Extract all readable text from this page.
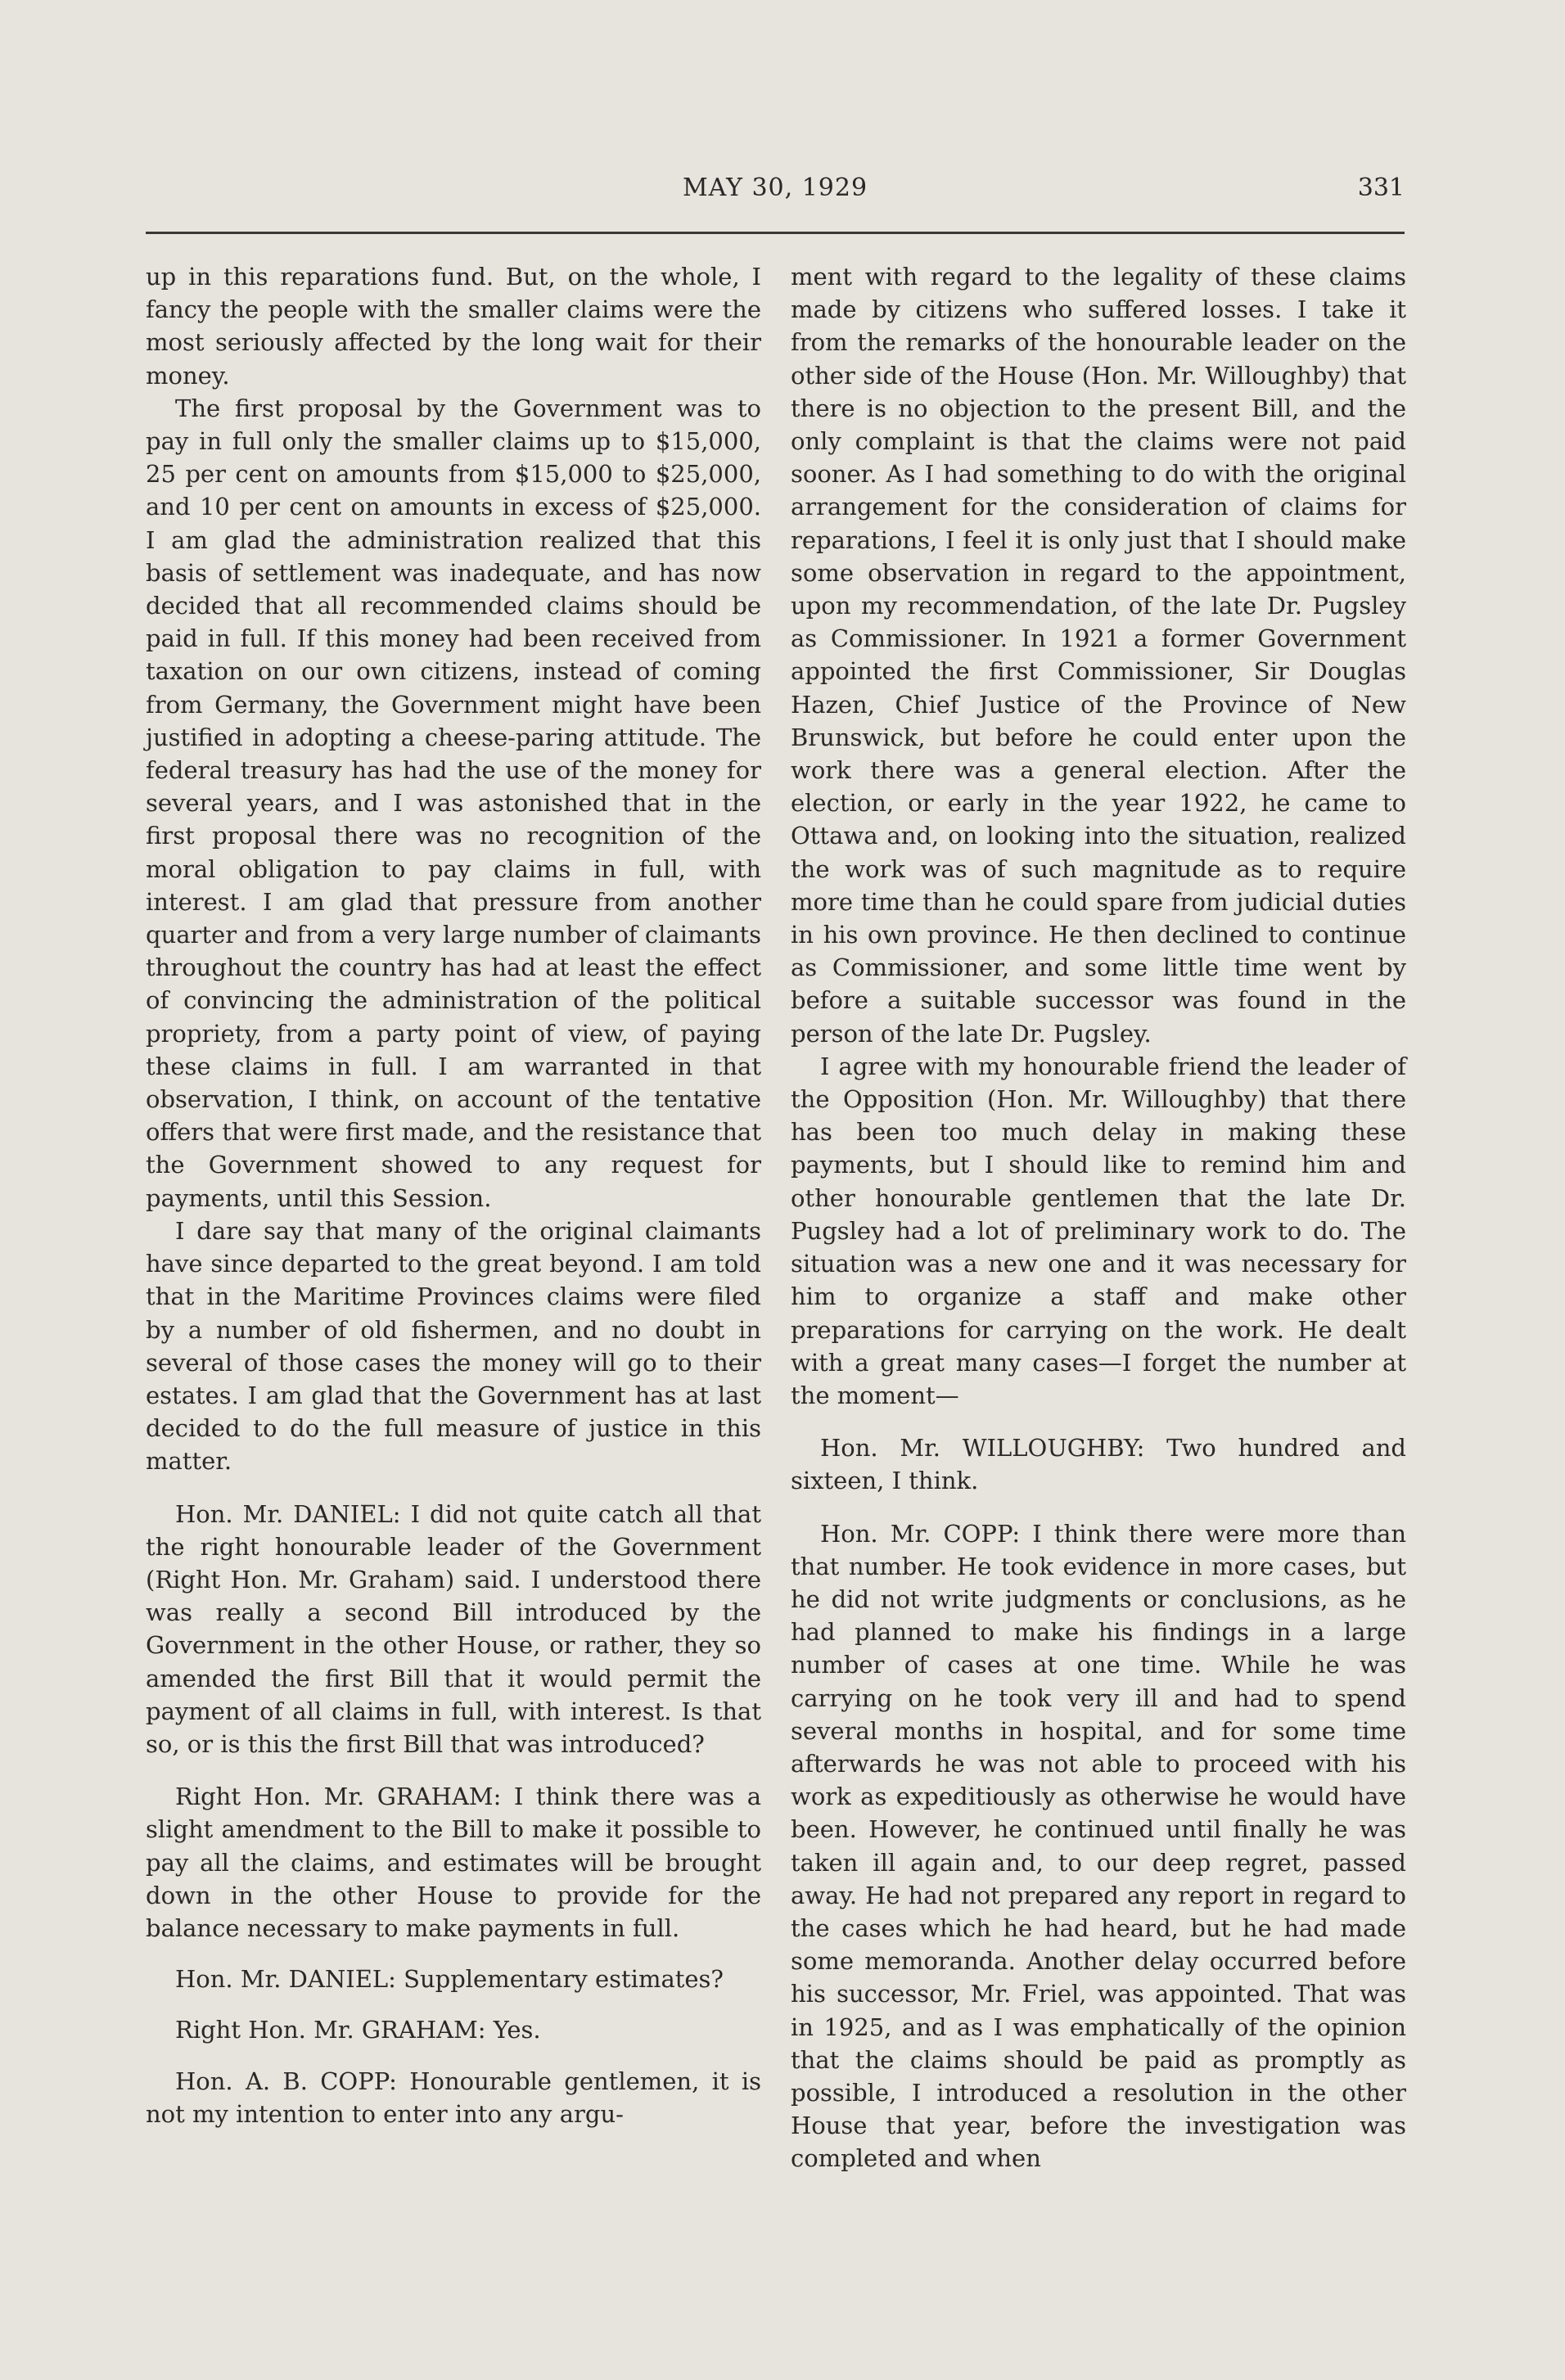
MAY 30, 1929	331

up in this reparations fund. But, on the whole, I fancy the people with the smaller claims were the most seriously affected by the long wait for their money.

The first proposal by the Government was to pay in full only the smaller claims up to $15,000, 25 per cent on amounts from $15,000 to $25,000, and 10 per cent on amounts in excess of $25,000. I am glad the administration realized that this basis of settlement was inadequate, and has now decided that all recommended claims should be paid in full. If this money had been received from taxation on our own citizens, instead of coming from Germany, the Government might have been justified in adopting a cheese-paring attitude. The federal treasury has had the use of the money for several years, and I was astonished that in the first proposal there was no recognition of the moral obligation to pay claims in full, with interest. I am glad that pressure from another quarter and from a very large number of claimants throughout the country has had at least the effect of convincing the administration of the political propriety, from a party point of view, of paying these claims in full. I am warranted in that observation, I think, on account of the tentative offers that were first made, and the resistance that the Government showed to any request for payments, until this Session.

I dare say that many of the original claimants have since departed to the great beyond. I am told that in the Maritime Provinces claims were filed by a number of old fishermen, and no doubt in several of those cases the money will go to their estates. I am glad that the Government has at last decided to do the full measure of justice in this matter.

Hon. Mr. DANIEL: I did not quite catch all that the right honourable leader of the Government (Right Hon. Mr. Graham) said. I understood there was really a second Bill introduced by the Government in the other House, or rather, they so amended the first Bill that it would permit the payment of all claims in full, with interest. Is that so, or is this the first Bill that was introduced?

Right Hon. Mr. GRAHAM: I think there was a slight amendment to the Bill to make it possible to pay all the claims, and estimates will be brought down in the other House to provide for the balance necessary to make payments in full.

Hon. Mr. DANIEL: Supplementary estimates?

Right Hon. Mr. GRAHAM: Yes.

Hon. A. B. COPP: Honourable gentlemen, it is not my intention to enter into any argu-

ment with regard to the legality of these claims made by citizens who suffered losses. I take it from the remarks of the honourable leader on the other side of the House (Hon. Mr. Willoughby) that there is no objection to the present Bill, and the only complaint is that the claims were not paid sooner. As I had something to do with the original arrangement for the consideration of claims for reparations, I feel it is only just that I should make some observation in regard to the appointment, upon my recommendation, of the late Dr. Pugsley as Commissioner. In 1921 a former Government appointed the first Commissioner, Sir Douglas Hazen, Chief Justice of the Province of New Brunswick, but before he could enter upon the work there was a general election. After the election, or early in the year 1922, he came to Ottawa and, on looking into the situation, realized the work was of such magnitude as to require more time than he could spare from judicial duties in his own province. He then declined to continue as Commissioner, and some little time went by before a suitable successor was found in the person of the late Dr. Pugsley.

I agree with my honourable friend the leader of the Opposition (Hon. Mr. Willoughby) that there has been too much delay in making these payments, but I should like to remind him and other honourable gentlemen that the late Dr. Pugsley had a lot of preliminary work to do. The situation was a new one and it was necessary for him to organize a staff and make other preparations for carrying on the work. He dealt with a great many cases—I forget the number at the moment—

Hon. Mr. WILLOUGHBY: Two hundred and sixteen, I think.

Hon. Mr. COPP: I think there were more than that number. He took evidence in more cases, but he did not write judgments or conclusions, as he had planned to make his findings in a large number of cases at one time. While he was carrying on he took very ill and had to spend several months in hospital, and for some time afterwards he was not able to proceed with his work as expeditiously as otherwise he would have been. However, he continued until finally he was taken ill again and, to our deep regret, passed away. He had not prepared any report in regard to the cases which he had heard, but he had made some memoranda. Another delay occurred before his successor, Mr. Friel, was appointed. That was in 1925, and as I was emphatically of the opinion that the claims should be paid as promptly as possible, I introduced a resolution in the other House that year, before the investigation was completed and when
